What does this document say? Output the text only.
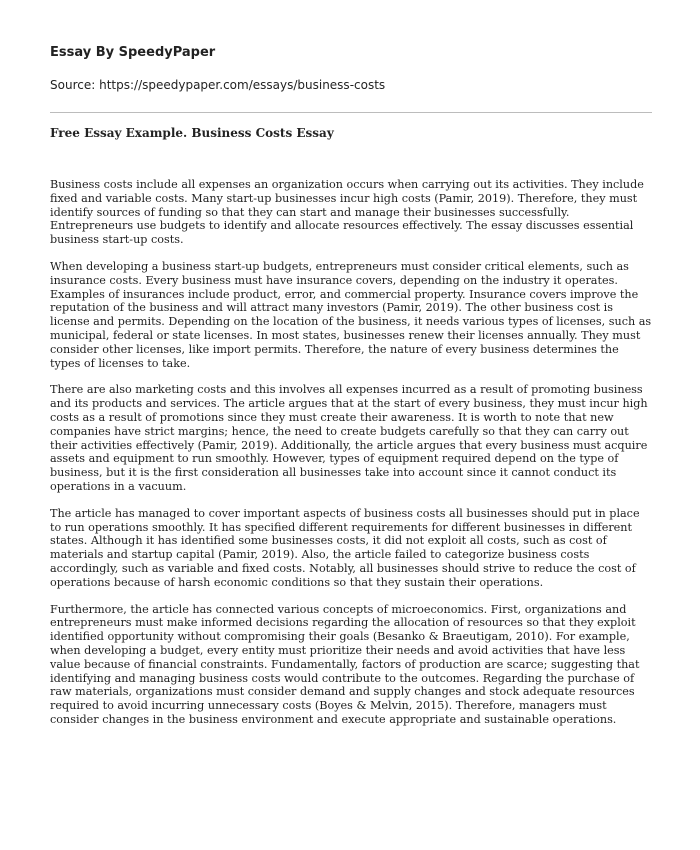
Essay By SpeedyPaper
Source: https://speedypaper.com/essays/business-costs
Free Essay Example. Business Costs Essay

Business costs include all expenses an organization occurs when carrying out its activities. They include fixed and variable costs. Many start-up businesses incur high costs (Pamir, 2019). Therefore, they must identify sources of funding so that they can start and manage their businesses successfully. Entrepreneurs use budgets to identify and allocate resources effectively. The essay discusses essential business start-up costs.

When developing a business start-up budgets, entrepreneurs must consider critical elements, such as insurance costs. Every business must have insurance covers, depending on the industry it operates. Examples of insurances include product, error, and commercial property. Insurance covers improve the reputation of the business and will attract many investors (Pamir, 2019). The other business cost is license and permits. Depending on the location of the business, it needs various types of licenses, such as municipal, federal or state licenses. In most states, businesses renew their licenses annually. They must consider other licenses, like import permits. Therefore, the nature of every business determines the types of licenses to take.

There are also marketing costs and this involves all expenses incurred as a result of promoting business and its products and services. The article argues that at the start of every business, they must incur high costs as a result of promotions since they must create their awareness. It is worth to note that new companies have strict margins; hence, the need to create budgets carefully so that they can carry out their activities effectively (Pamir, 2019). Additionally, the article argues that every business must acquire assets and equipment to run smoothly. However, types of equipment required depend on the type of business, but it is the first consideration all businesses take into account since it cannot conduct its operations in a vacuum.

The article has managed to cover important aspects of business costs all businesses should put in place to run operations smoothly. It has specified different requirements for different businesses in different states. Although it has identified some businesses costs, it did not exploit all costs, such as cost of materials and startup capital (Pamir, 2019). Also, the article failed to categorize business costs accordingly, such as variable and fixed costs. Notably, all businesses should strive to reduce the cost of operations because of harsh economic conditions so that they sustain their operations.

Furthermore, the article has connected various concepts of microeconomics. First, organizations and entrepreneurs must make informed decisions regarding the allocation of resources so that they exploit identified opportunity without compromising their goals (Besanko & Braeutigam, 2010). For example, when developing a budget, every entity must prioritize their needs and avoid activities that have less value because of financial constraints. Fundamentally, factors of production are scarce; suggesting that identifying and managing business costs would contribute to the outcomes. Regarding the purchase of raw materials, organizations must consider demand and supply changes and stock adequate resources required to avoid incurring unnecessary costs (Boyes & Melvin, 2015). Therefore, managers must consider changes in the business environment and execute appropriate and sustainable operations.
